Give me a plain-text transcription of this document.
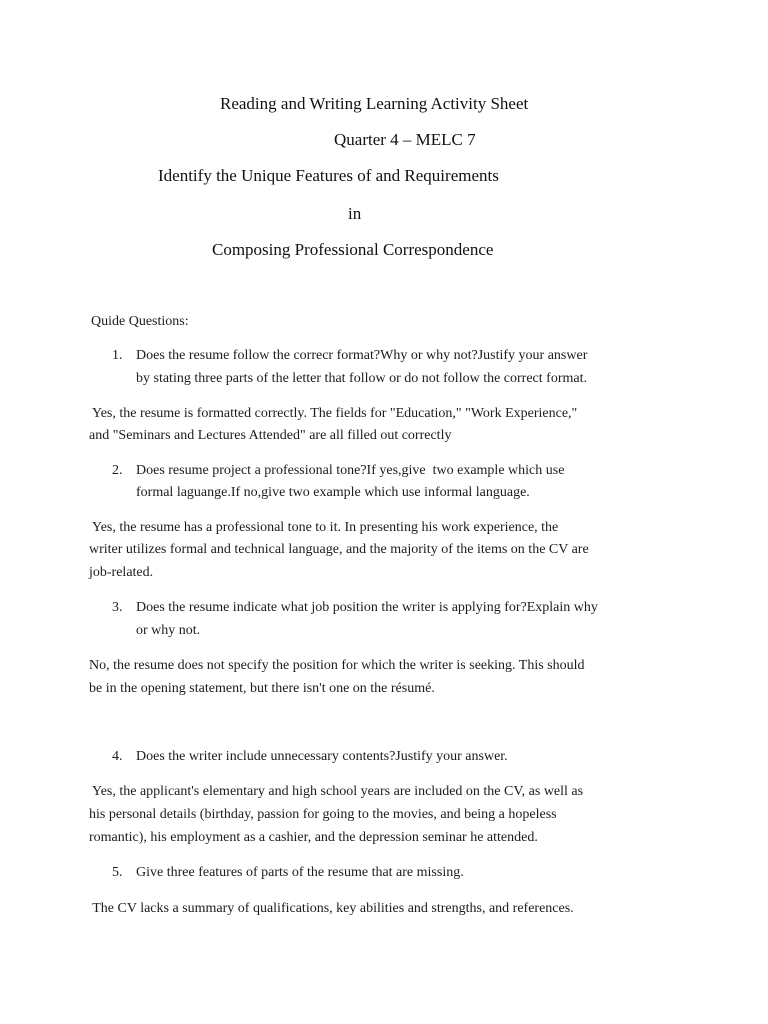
Reading and Writing Learning Activity Sheet
Quarter 4 – MELC 7
Identify the Unique Features of and Requirements
in
Composing Professional Correspondence
Quide Questions:
1. Does the resume follow the correcr format?Why or why not?Justify your answer
by stating three parts of the letter that follow or do not follow the correct format.
Yes, the resume is formatted correctly. The fields for "Education," "Work Experience,"
and "Seminars and Lectures Attended" are all filled out correctly
2. Does resume project a professional tone?If yes,give  two example which use
formal laguange.If no,give two example which use informal language.
Yes, the resume has a professional tone to it. In presenting his work experience, the
writer utilizes formal and technical language, and the majority of the items on the CV are
job-related.
3. Does the resume indicate what job position the writer is applying for?Explain why
or why not.
No, the resume does not specify the position for which the writer is seeking. This should
be in the opening statement, but there isn't one on the résumé.
4. Does the writer include unnecessary contents?Justify your answer.
Yes, the applicant's elementary and high school years are included on the CV, as well as
his personal details (birthday, passion for going to the movies, and being a hopeless
romantic), his employment as a cashier, and the depression seminar he attended.
5. Give three features of parts of the resume that are missing.
The CV lacks a summary of qualifications, key abilities and strengths, and references.
